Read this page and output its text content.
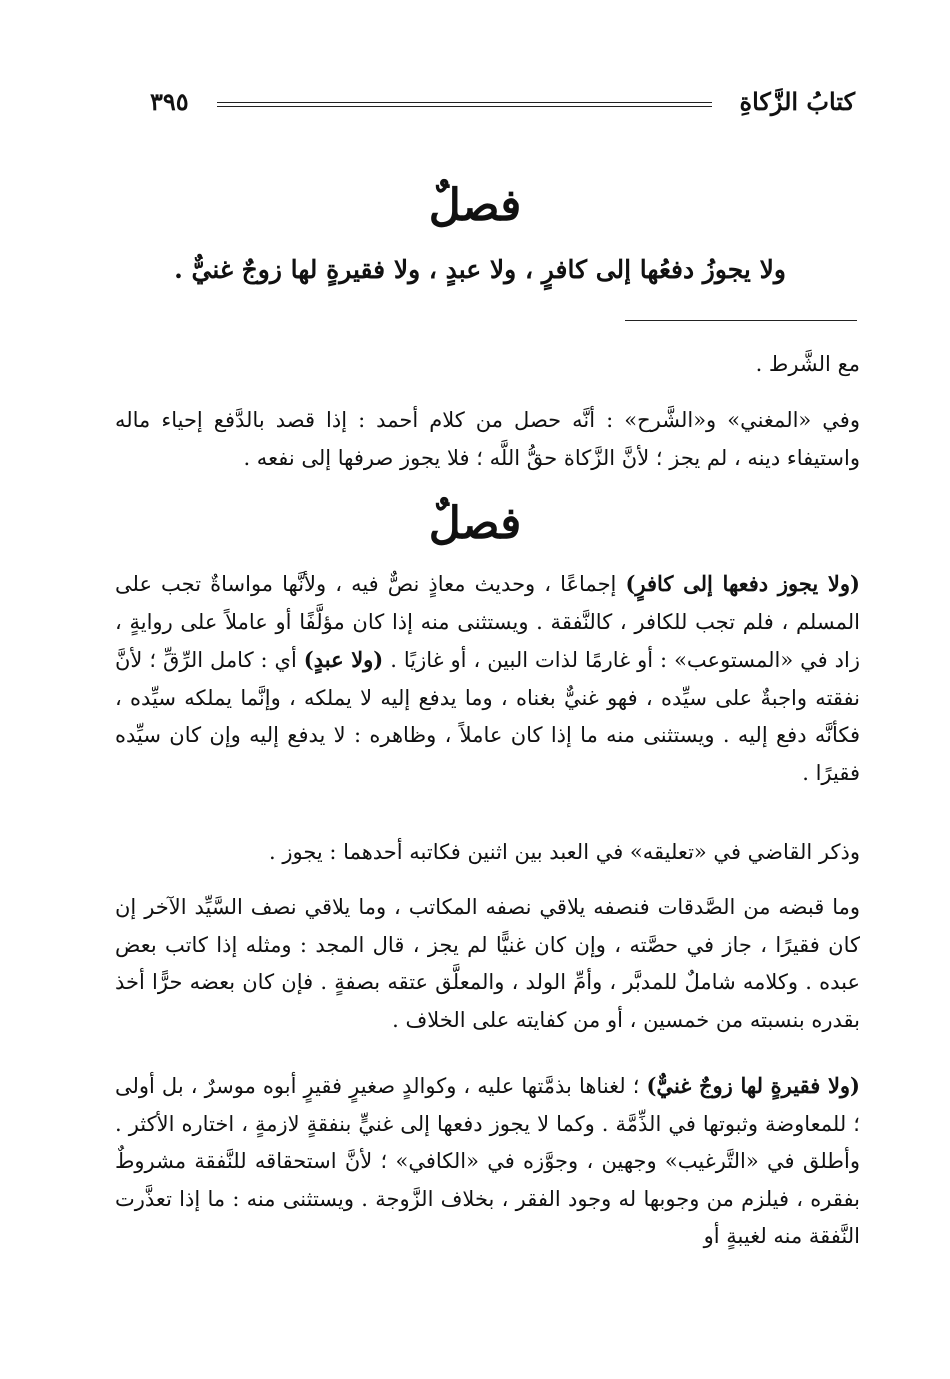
كتابُ الزَّكاةِ
٣٩٥
فصلٌ
ولا يجوزُ دفعُها إلى كافرٍ ، ولا عبدٍ ، ولا فقيرةٍ لها زوجٌ غنيٌّ .

مع الشَّرط .

وفي «المغني» و«الشَّرح» : أنَّه حصل من كلام أحمد : إذا قصد بالدَّفع إحياء ماله واستيفاء دينه ، لم يجز ؛ لأنَّ الزَّكاة حقُّ اللَّه ؛ فلا يجوز صرفها إلى نفعه .

فصلٌ

(ولا يجوز دفعها إلى كافرٍ) إجماعًا ، وحديث معاذٍ نصٌّ فيه ، ولأنَّها مواساةٌ تجب على المسلم ، فلم تجب للكافر ، كالنَّفقة . ويستثنى منه إذا كان مؤلَّفًا أو عاملاً على روايةٍ ، زاد في «المستوعب» : أو غارمًا لذات البين ، أو غازيًا . (ولا عبدٍ) أي : كامل الرِّقِّ ؛ لأنَّ نفقته واجبةٌ على سيِّده ، فهو غنيٌّ بغناه ، وما يدفع إليه لا يملكه ، وإنَّما يملكه سيِّده ، فكأنَّه دفع إليه . ويستثنى منه ما إذا كان عاملاً ، وظاهره : لا يدفع إليه وإن كان سيِّده فقيرًا .

وذكر القاضي في «تعليقه» في العبد بين اثنين فكاتبه أحدهما : يجوز .

وما قبضه من الصَّدقات فنصفه يلاقي نصفه المكاتب ، وما يلاقي نصف السَّيِّد الآخر إن كان فقيرًا ، جاز في حصَّته ، وإن كان غنيًّا لم يجز ، قال المجد : ومثله إذا كاتب بعض عبده . وكلامه شاملٌ للمدبَّر ، وأمِّ الولد ، والمعلَّق عتقه بصفةٍ . فإن كان بعضه حرًّا أخذ بقدره بنسبته من خمسين ، أو من كفايته على الخلاف .

(ولا فقيرةٍ لها زوجٌ غنيٌّ) ؛ لغناها بذمَّتها عليه ، وكوالدٍ صغيرٍ فقيرٍ أبوه موسرٌ ، بل أولى ؛ للمعاوضة وثبوتها في الذِّمَّة . وكما لا يجوز دفعها إلى غنيٍّ بنفقةٍ لازمةٍ ، اختاره الأكثر . وأطلق في «التَّرغيب» وجهين ، وجوَّزه في «الكافي» ؛ لأنَّ استحقاقه للنَّفقة مشروطٌ بفقره ، فيلزم من وجوبها له وجود الفقر ، بخلاف الزَّوجة . ويستثنى منه : ما إذا تعذَّرت النَّفقة منه لغيبةٍ أو
